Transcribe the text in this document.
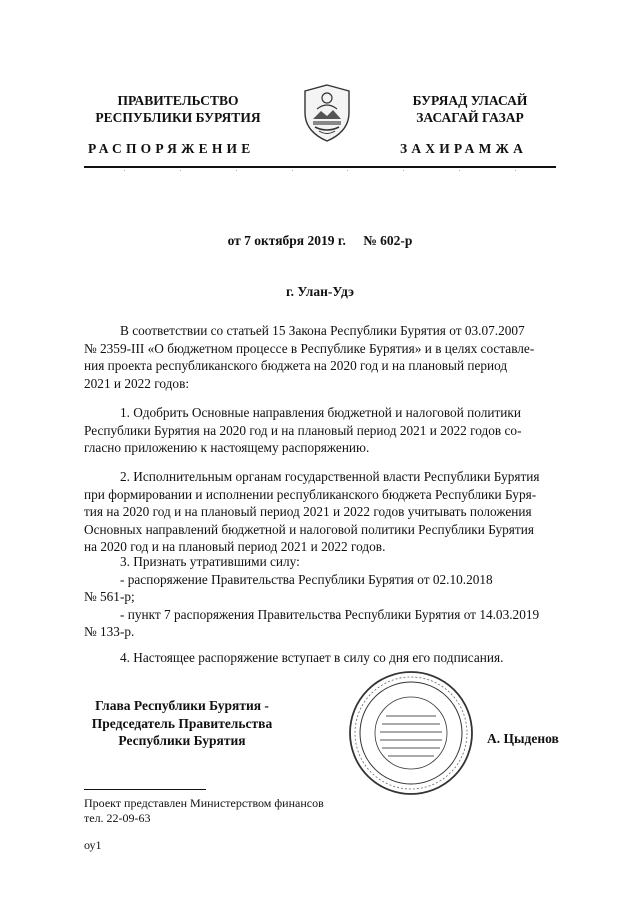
ПРАВИТЕЛЬСТВО
РЕСПУБЛИКИ БУРЯТИЯ
БУРЯАД УЛАСАЙ
ЗАСАГАЙ ГАЗАР
РАСПОРЯЖЕНИЕ	ЗАХИРАМЖА
от 7 октября 2019 г. № 602-р
г. Улан-Удэ
В соответствии со статьей 15 Закона Республики Бурятия от 03.07.2007
№ 2359-III «О бюджетном процессе в Республике Бурятия» и в целях составле-
ния проекта республиканского бюджета на 2020 год и на плановый период
2021 и 2022 годов:
1. Одобрить Основные направления бюджетной и налоговой политики
Республики Бурятия на 2020 год и на плановый период 2021 и 2022 годов со-
гласно приложению к настоящему распоряжению.
2. Исполнительным органам государственной власти Республики Бурятия
при формировании и исполнении республиканского бюджета Республики Буря-
тия на 2020 год и на плановый период 2021 и 2022 годов учитывать положения
Основных направлений бюджетной и налоговой политики Республики Бурятия
на 2020 год и на плановый период 2021 и 2022 годов.
3. Признать утратившими силу:
- распоряжение Правительства Республики Бурятия от 02.10.2018
№ 561-р;
- пункт 7 распоряжения Правительства Республики Бурятия от 14.03.2019
№ 133-р.
4. Настоящее распоряжение вступает в силу со дня его подписания.
Глава Республики Бурятия -
Председатель Правительства
Республики Бурятия	А. Цыденов
Проект представлен Министерством финансов
тел. 22-09-63
оу1
